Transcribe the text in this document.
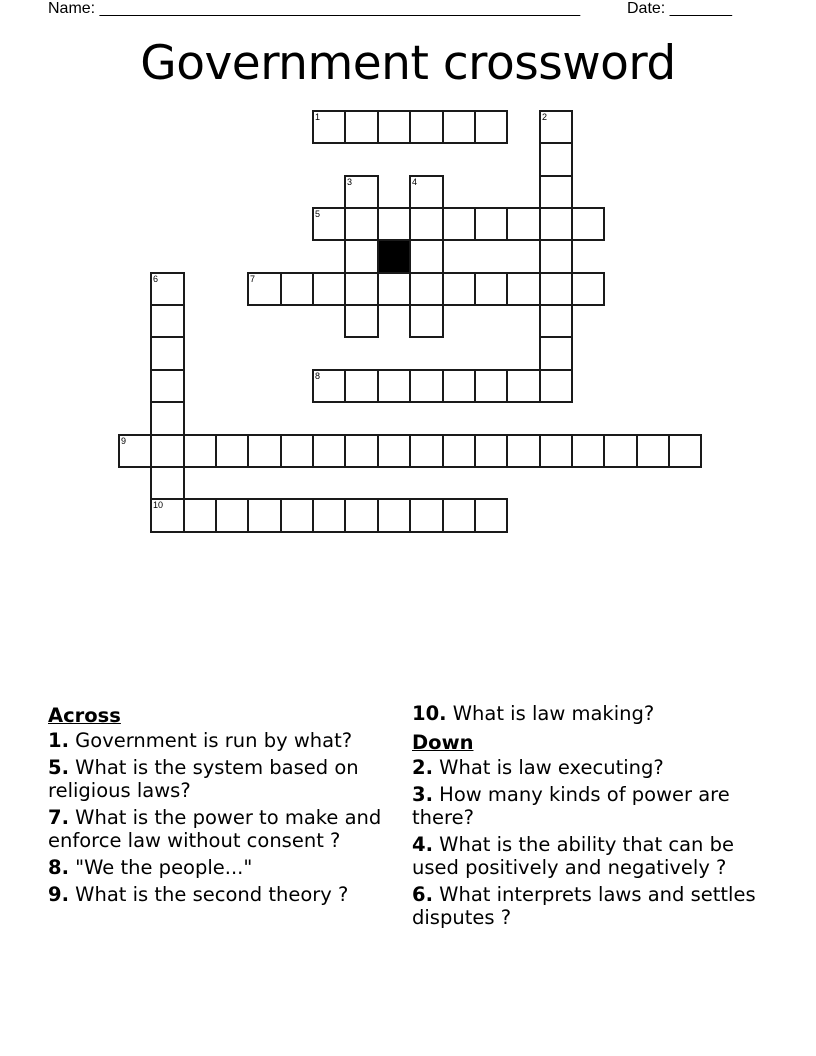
Name: ______________________________________________________	Date: _______
Government crossword
1	2
3	4
5
6
10
7
8
9
Across
1. Government is run by what?
5. What is the system based on religious laws?
7. What is the power to make and enforce law without consent ?
8. "We the people..."
9. What is the second theory ?
10. What is law making?
Down
2. What is law executing?
3. How many kinds of power are there?
4. What is the ability that can be used positively and negatively ?
6. What interprets laws and settles disputes ?
